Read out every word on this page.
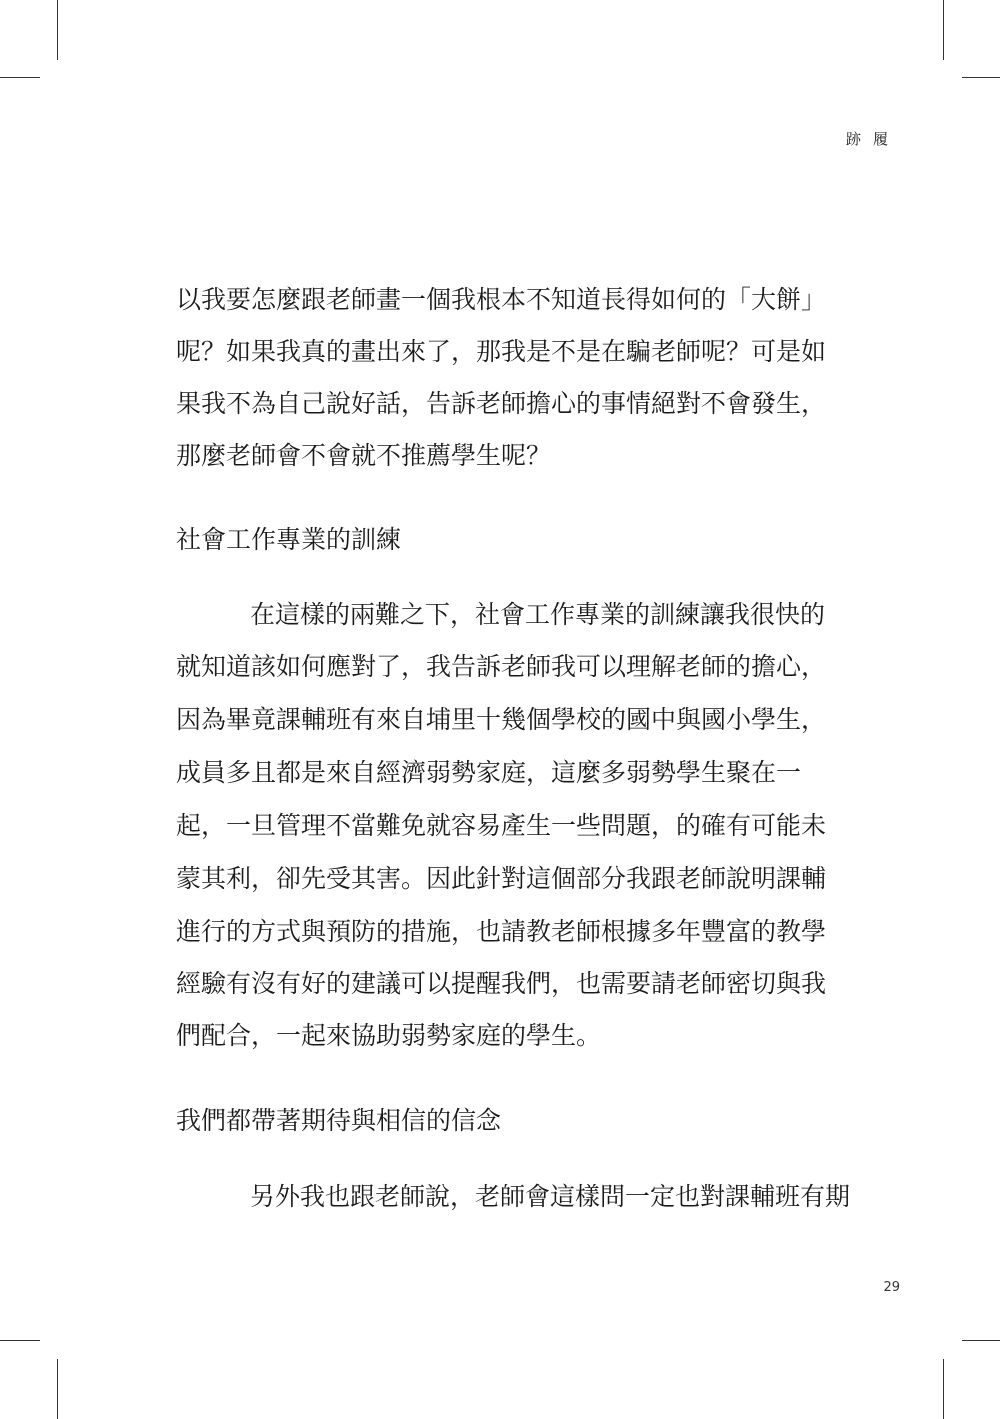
跡履

以我要怎麼跟老師畫一個我根本不知道長得如何的「大餅」

呢？如果我真的畫出來了，那我是不是在騙老師呢？可是如

果我不為自己說好話，告訴老師擔心的事情絕對不會發生，

那麼老師會不會就不推薦學生呢？

社會工作專業的訓練

在這樣的兩難之下，社會工作專業的訓練讓我很快的

就知道該如何應對了，我告訴老師我可以理解老師的擔心，

因為畢竟課輔班有來自埔里十幾個學校的國中與國小學生，

成員多且都是來自經濟弱勢家庭，這麼多弱勢學生聚在一

起，一旦管理不當難免就容易產生一些問題，的確有可能未

蒙其利，卻先受其害。因此針對這個部分我跟老師說明課輔

進行的方式與預防的措施，也請教老師根據多年豐富的教學

經驗有沒有好的建議可以提醒我們，也需要請老師密切與我

們配合，一起來協助弱勢家庭的學生。

我們都帶著期待與相信的信念

另外我也跟老師說，老師會這樣問一定也對課輔班有期

29
